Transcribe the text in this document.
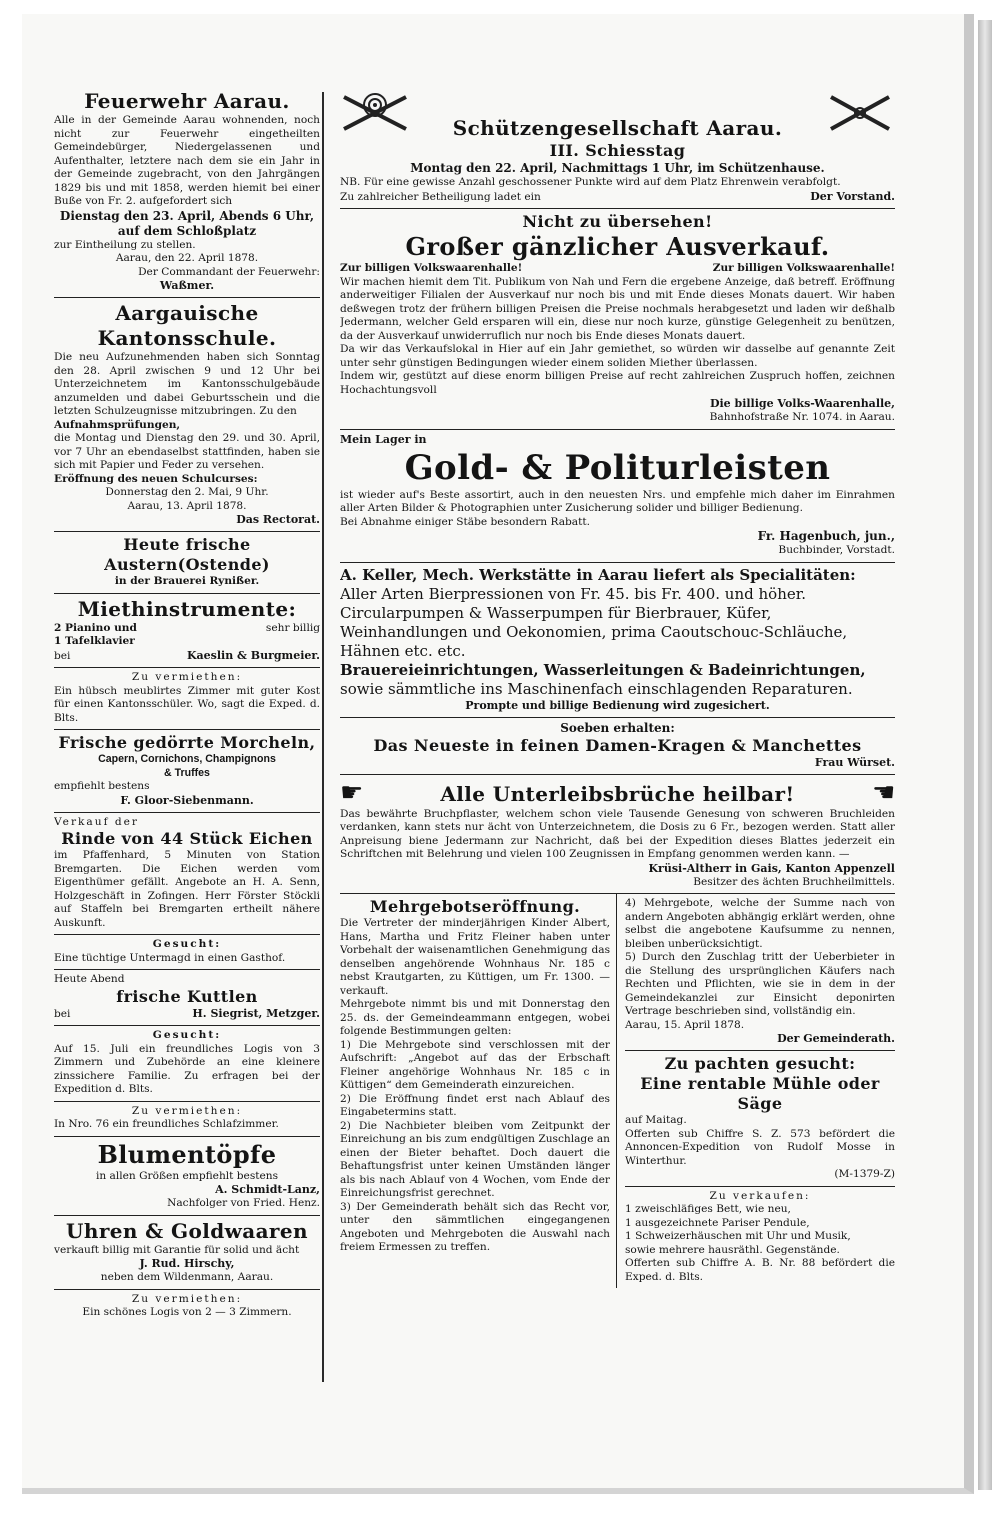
Feuerwehr Aarau.
Alle in der Gemeinde Aarau wohnenden, noch nicht zur Feuerwehr eingetheilten Gemeindebürger, Niedergelassenen und Aufenthalter, letztere nach dem sie ein Jahr in der Gemeinde zugebracht, von den Jahrgängen 1829 bis und mit 1858, werden hiemit bei einer Buße von Fr. 2. aufgefordert sich
Dienstag den 23. April, Abends 6 Uhr,
auf dem Schloßplatz
zur Eintheilung zu stellen.
Aarau, den 22. April 1878.
Der Commandant der Feuerwehr:
Waßmer.
Aargauische Kantonsschule.
Die neu Aufzunehmenden haben sich Sonntag den 28. April zwischen 9 und 12 Uhr bei Unterzeichnetem im Kantonsschulgebäude anzumelden und dabei Geburtsschein und die letzten Schulzeugnisse mitzubringen. Zu den
Aufnahmsprüfungen,
die Montag und Dienstag den 29. und 30. April, vor 7 Uhr an ebendaselbst stattfinden, haben sie sich mit Papier und Feder zu versehen.
Eröffnung des neuen Schulcurses:
Donnerstag den 2. Mai, 9 Uhr.
Aarau, 13. April 1878.
Das Rectorat.
Heute frische Austern(Ostende)
in der Brauerei Rynißer.
Miethinstrumente:
2 Pianino und
1 Tafelklavier
sehr billig
bei	Kaeslin & Burgmeier.
Zu vermiethen:
Ein hübsch meublirtes Zimmer mit guter Kost für einen Kantonsschüler. Wo, sagt die Exped. d. Blts.
Frische gedörrte Morcheln,
Capern, Cornichons, Champignons
& Truffes
empfiehlt bestens
F. Gloor-Siebenmann.
Verkauf der
Rinde von 44 Stück Eichen
im Pfaffenhard, 5 Minuten von Station Bremgarten. Die Eichen werden vom Eigenthümer gefällt. Angebote an H. A. Senn, Holzgeschäft in Zofingen. Herr Förster Stöckli auf Staffeln bei Bremgarten ertheilt nähere Auskunft.
Gesucht:
Eine tüchtige Untermagd in einen Gasthof.
Heute Abend
frische Kuttlen
bei	H. Siegrist, Metzger.
Gesucht:
Auf 15. Juli ein freundliches Logis von 3 Zimmern und Zubehörde an eine kleinere zinssichere Familie. Zu erfragen bei der Expedition d. Blts.
Zu vermiethen:
In Nro. 76 ein freundliches Schlafzimmer.
Blumentöpfe
in allen Größen empfiehlt bestens
A. Schmidt-Lanz,
Nachfolger von Fried. Henz.
Uhren & Goldwaaren
verkauft billig mit Garantie für solid und ächt
J. Rud. Hirschy,
neben dem Wildenmann, Aarau.
Zu vermiethen:
Ein schönes Logis von 2 — 3 Zimmern.
Schützengesellschaft Aarau.
III. Schiesstag
Montag den 22. April, Nachmittags 1 Uhr, im Schützenhause.
NB. Für eine gewisse Anzahl geschossener Punkte wird auf dem Platz Ehrenwein verabfolgt.
Zu zahlreicher Betheiligung ladet ein	Der Vorstand.
Nicht zu übersehen!
Großer gänzlicher Ausverkauf.
Zur billigen Volkswaarenhalle!	Zur billigen Volkswaarenhalle!
Wir machen hiemit dem Tit. Publikum von Nah und Fern die ergebene Anzeige, daß betreff. Eröffnung anderweitiger Filialen der Ausverkauf nur noch bis und mit Ende dieses Monats dauert. Wir haben deßwegen trotz der frühern billigen Preisen die Preise nochmals herabgesetzt und laden wir deßhalb Jedermann, welcher Geld ersparen will ein, diese nur noch kurze, günstige Gelegenheit zu benützen, da der Ausverkauf unwiderruflich nur noch bis Ende dieses Monats dauert.
Da wir das Verkaufslokal in Hier auf ein Jahr gemiethet, so würden wir dasselbe auf genannte Zeit unter sehr günstigen Bedingungen wieder einem soliden Miether überlassen.
Indem wir, gestützt auf diese enorm billigen Preise auf recht zahlreichen Zuspruch hoffen, zeichnen Hochachtungsvoll
Die billige Volks-Waarenhalle,
Bahnhofstraße Nr. 1074. in Aarau.
Mein Lager in
Gold- & Politurleisten
ist wieder auf's Beste assortirt, auch in den neuesten Nrs. und empfehle mich daher im Einrahmen aller Arten Bilder & Photographien unter Zusicherung solider und billiger Bedienung.
Bei Abnahme einiger Stäbe besondern Rabatt.
Fr. Hagenbuch, jun.,
Buchbinder, Vorstadt.
A. Keller, Mech. Werkstätte in Aarau liefert als Specialitäten:
Aller Arten Bierpressionen von Fr. 45. bis Fr. 400. und höher.
Circularpumpen & Wasserpumpen für Bierbrauer, Küfer, Weinhandlungen und Oekonomien, prima Caoutschouc-Schläuche, Hähnen etc. etc.
Brauereieinrichtungen, Wasserleitungen & Badeinrichtungen,
sowie sämmtliche ins Maschinenfach einschlagenden Reparaturen.
Prompte und billige Bedienung wird zugesichert.
Soeben erhalten:
Das Neueste in feinen Damen-Kragen & Manchettes
Frau Würset.
☛	Alle Unterleibsbrüche heilbar!	☛
Das bewährte Bruchpflaster, welchem schon viele Tausende Genesung von schweren Bruchleiden verdanken, kann stets nur ächt von Unterzeichnetem, die Dosis zu 6 Fr., bezogen werden. Statt aller Anpreisung biene Jedermann zur Nachricht, daß bei der Expedition dieses Blattes jederzeit ein Schriftchen mit Belehrung und vielen 100 Zeugnissen in Empfang genommen werden kann. —
Krüsi-Altherr in Gais, Kanton Appenzell
Besitzer des ächten Bruchheilmittels.
Mehrgebotseröffnung.
Die Vertreter der minderjährigen Kinder Albert, Hans, Martha und Fritz Fleiner haben unter Vorbehalt der waisenamtlichen Genehmigung das denselben angehörende Wohnhaus Nr. 185 c nebst Krautgarten, zu Küttigen, um Fr. 1300. — verkauft.
Mehrgebote nimmt bis und mit Donnerstag den 25. ds. der Gemeindeammann entgegen, wobei folgende Bestimmungen gelten:
1) Die Mehrgebote sind verschlossen mit der Aufschrift: „Angebot auf das der Erbschaft Fleiner angehörige Wohnhaus Nr. 185 c in Küttigen“ dem Gemeinderath einzureichen.
2) Die Eröffnung findet erst nach Ablauf des Eingabetermins statt.
2) Die Nachbieter bleiben vom Zeitpunkt der Einreichung an bis zum endgültigen Zuschlage an einen der Bieter behaftet. Doch dauert die Behaftungsfrist unter keinen Umständen länger als bis nach Ablauf von 4 Wochen, vom Ende der Einreichungsfrist gerechnet.
3) Der Gemeinderath behält sich das Recht vor, unter den sämmtlichen eingegangenen Angeboten und Mehrgeboten die Auswahl nach freiem Ermessen zu treffen.
4) Mehrgebote, welche der Summe nach von andern Angeboten abhängig erklärt werden, ohne selbst die angebotene Kaufsumme zu nennen, bleiben unberücksichtigt.
5) Durch den Zuschlag tritt der Ueberbieter in die Stellung des ursprünglichen Käufers nach Rechten und Pflichten, wie sie in dem in der Gemeindekanzlei zur Einsicht deponirten Vertrage beschrieben sind, vollständig ein.
Aarau, 15. April 1878.
Der Gemeinderath.
Zu pachten gesucht:
Eine rentable Mühle oder Säge
auf Maitag.
Offerten sub Chiffre S. Z. 573 befördert die Annoncen-Expedition von Rudolf Mosse in Winterthur.
(M-1379-Z)
Zu verkaufen:
1 zweischläfiges Bett, wie neu,
1 ausgezeichnete Pariser Pendule,
1 Schweizerhäuschen mit Uhr und Musik,
sowie mehrere hausräthl. Gegenstände.
Offerten sub Chiffre A. B. Nr. 88 befördert die Exped. d. Blts.
